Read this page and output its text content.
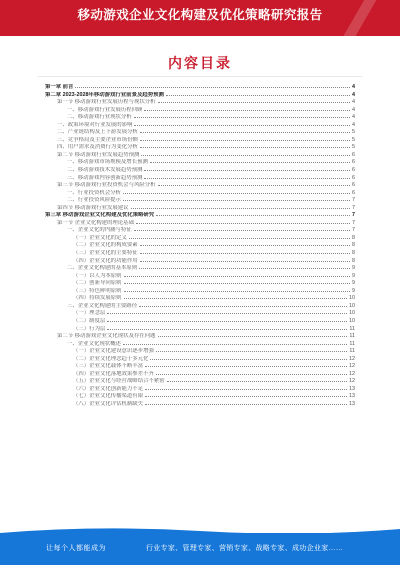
移动游戏企业文化构建及优化策略研究报告
内容目录
第一章 前言	4
第二章 2023-2028年移动游戏行业前景及趋势预测	4
第一节 移动游戏行业发展历程与现状分析	4
一、移动游戏行业发展历程回顾	4
二、移动游戏行业现状分析	4
一、政策环境对行业发展的影响	4
二、产业链结构及上下游发展分析	5
三、竞争格局及主要企业市场份额	5
四、用户需求及消费行为变化分析	5
第二节 移动游戏行业发展趋势预测	6
一、移动游戏市场规模及增长预测	6
二、移动游戏技术发展趋势预测	6
三、移动游戏内容创新趋势预测	6
第三节 移动游戏行业投资机会与风险分析	6
一、行业投资机会分析	6
二、行业投资风险提示	7
第四节 移动游戏行业发展建议	7
第三章 移动游戏企业文化构建及优化策略研究	7
第一节 企业文化构建的理论基础	7
一、企业文化的内涵与特征	7
（一）企业文化的定义	8
（二）企业文化的构成要素	8
（三）企业文化的主要特征	8
（四）企业文化的功能作用	8
二、企业文化构建的基本原则	9
（一）以人为本原则	9
（二）创新导向原则	9
（三）特色鲜明原则	9
（四）持续发展原则	10
三、企业文化构建的主要路径	10
（一）理念层	10
（二）制度层	10
（三）行为层	11
第二节 移动游戏企业文化现状及存在问题	11
一、企业文化现状概述	11
（一）企业文化建设意识逐步增强	11
（二）企业文化理念趋于多元化	12
（三）企业文化载体不断丰富	12
（四）企业文化落地效果参差不齐	12
（五）企业文化与经营战略结合不紧密	12
（六）企业文化创新能力不足	13
（七）企业文化传播渠道有限	13
（八）企业文化评估机制缺失	13
让每个人都能成为	行业专家、管理专家、营销专家、战略专家、成功企业家……
